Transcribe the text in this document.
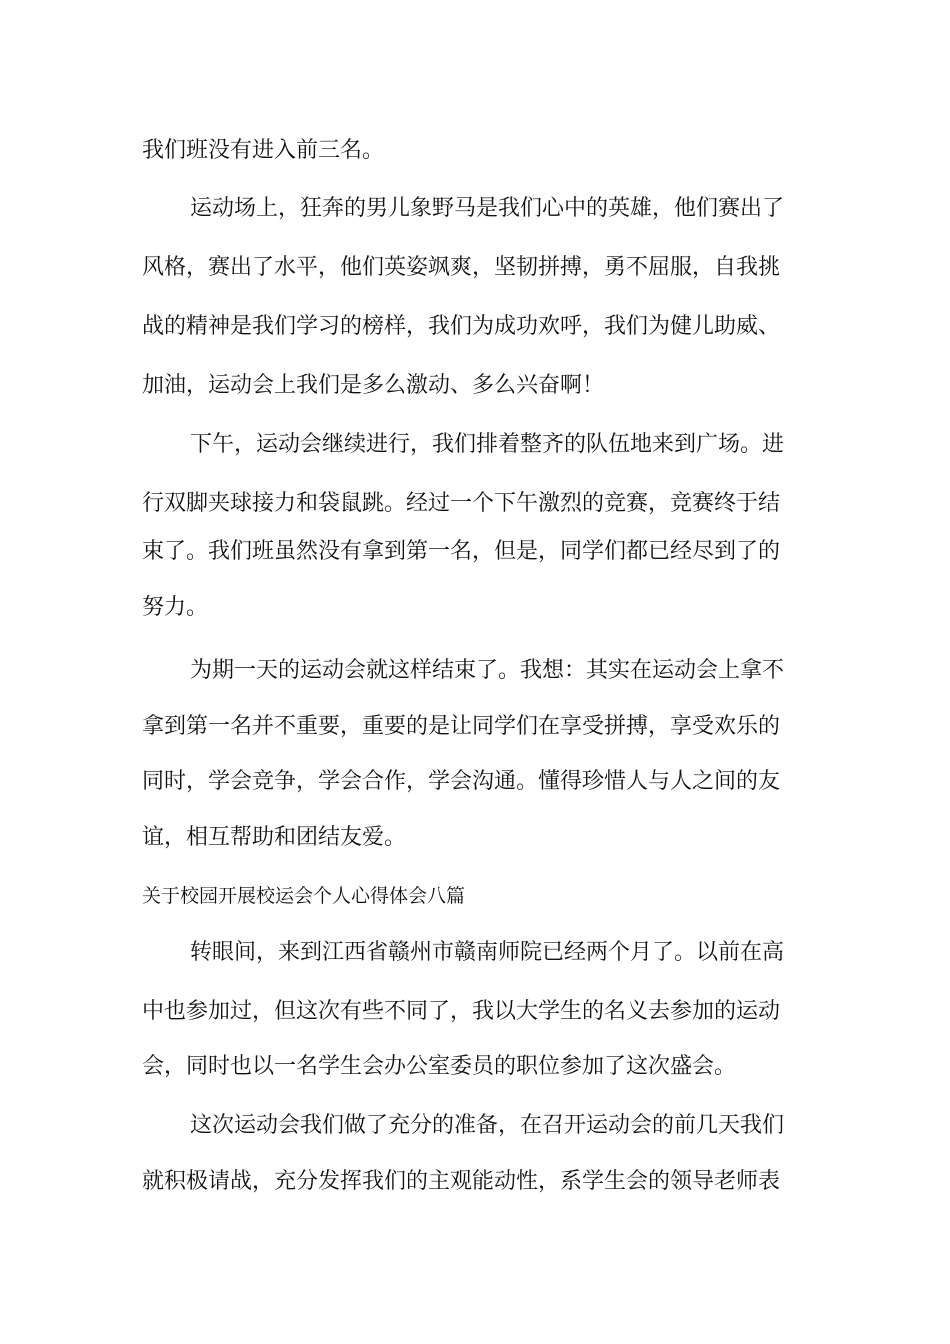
我们班没有进入前三名。
运动场上，狂奔的男儿象野马是我们心中的英雄，他们赛出了
风格，赛出了水平，他们英姿飒爽，坚韧拼搏，勇不屈服，自我挑
战的精神是我们学习的榜样，我们为成功欢呼，我们为健儿助威、
加油，运动会上我们是多么激动、多么兴奋啊！
下午，运动会继续进行，我们排着整齐的队伍地来到广场。进
行双脚夹球接力和袋鼠跳。经过一个下午激烈的竞赛，竞赛终于结
束了。我们班虽然没有拿到第一名，但是，同学们都已经尽到了的
努力。
为期一天的运动会就这样结束了。我想：其实在运动会上拿不
拿到第一名并不重要，重要的是让同学们在享受拼搏，享受欢乐的
同时，学会竞争，学会合作，学会沟通。懂得珍惜人与人之间的友
谊，相互帮助和团结友爱。
关于校园开展校运会个人心得体会八篇
转眼间，来到江西省赣州市赣南师院已经两个月了。以前在高
中也参加过，但这次有些不同了，我以大学生的名义去参加的运动
会，同时也以一名学生会办公室委员的职位参加了这次盛会。
这次运动会我们做了充分的准备，在召开运动会的前几天我们
就积极请战，充分发挥我们的主观能动性，系学生会的领导老师表
